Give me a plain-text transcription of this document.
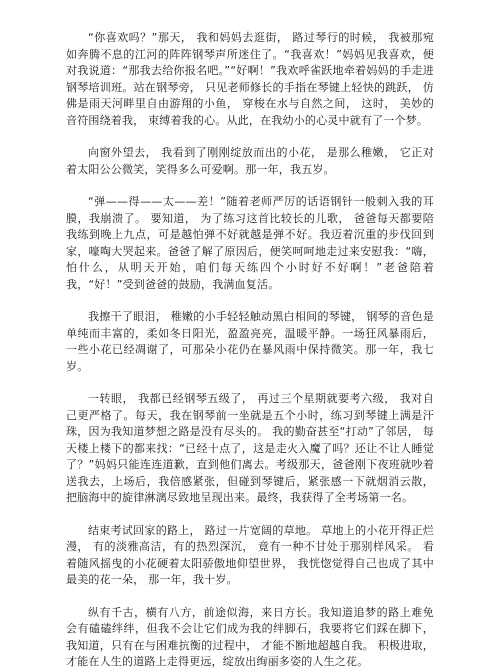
“你喜欢吗？”那天， 我和妈妈去逛街， 路过琴行的时候， 我被那宛如奔腾不息的江河的阵阵钢琴声所迷住了。“我喜欢！”妈妈见我喜欢，便对我说道：“那我去给你报名吧。”“好啊！”我欢呼雀跃地牵着妈妈的手走进钢琴培训班。站在钢琴旁， 只见老师修长的手指在琴键上轻快的跳跃， 仿佛是雨天河畔里自由游翔的小鱼， 穿梭在水与自然之间， 这时， 美妙的音符围绕着我， 束缚着我的心。从此，在我幼小的心灵中就有了一个梦。

向窗外望去， 我看到了刚刚绽放而出的小花， 是那么稚嫩， 它正对着太阳公公微笑，笑得多么可爱啊。那一年，我五岁。

“弹——得——太——差！”随着老师严厉的话语钢针一般刺入我的耳膜，我崩溃了。 要知道， 为了练习这首比较长的儿歌， 爸爸每天都要陪我练到晚上九点，可是越怕弹不好就越是弹不好。我迈着沉重的步伐回到家，嚎啕大哭起来。爸爸了解了原因后，便笑呵呵地走过来安慰我：“嗨，怕什么，从明天开始，咱们每天练四个小时好不好啊！”老爸陪着我，“好！”受到爸爸的鼓励，我满血复活。

我擦干了眼泪， 稚嫩的小手轻轻触动黑白相间的琴键， 钢琴的音色是单纯而丰富的，柔如冬日阳光，盈盈亮亮，温暖平静。一场狂风暴雨后，一些小花已经凋谢了，可那朵小花仍在暴风雨中保持微笑。那一年，我七岁。

一转眼， 我都已经钢琴五级了， 再过三个星期就要考六级， 我对自己更严格了。每天，我在钢琴前一坐就是五个小时，练习到琴键上满是汗珠，因为我知道梦想之路是没有尽头的。 我的勤奋甚至“打动”了邻居， 每天楼上楼下的都来找：“已经十点了，这是走火入魔了吗？还让不让人睡觉了？”妈妈只能连连道歉，直到他们离去。考级那天，爸爸刚下夜班就吵着送我去，上场后，我倍感紧张，但碰到琴键后，紧张感一下就烟消云散，把脑海中的旋律淋漓尽致地呈现出来。最终，我获得了全考场第一名。

结束考试回家的路上， 路过一片宽阔的草地。 草地上的小花开得正烂漫， 有的淡雅高洁，有的热烈深沉， 竟有一种不甘处于那别样风采。 看着随风摇曳的小花硬着太阳骄傲地仰望世界， 我恍惚觉得自己也成了其中最美的花一朵， 那一年，我十岁。

纵有千古，横有八方，前途似海，来日方长。我知道追梦的路上难免会有磕磕绊绊，但我不会让它们成为我的绊脚石，我要将它们踩在脚下，我知道，只有在与困难抗衡的过程中， 才能不断地超越自我。 积极进取， 才能在人生的道路上走得更远，绽放出绚丽多姿的人生之花。
